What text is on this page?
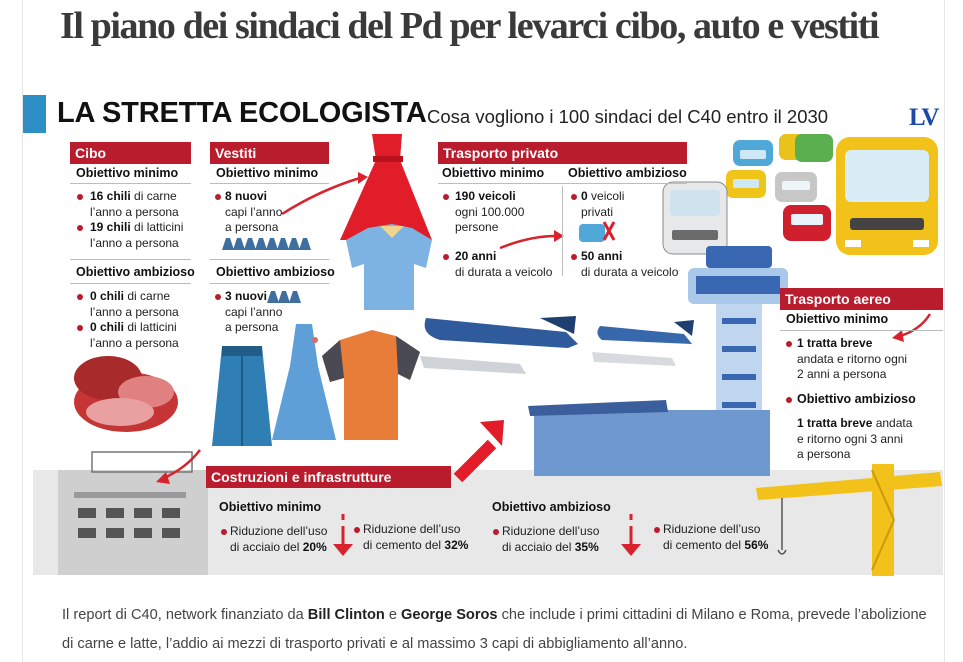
Il piano dei sindaci del Pd per levarci cibo, auto e vestiti
LA STRETTA ECOLOGISTA Cosa vogliono i 100 sindaci del C40 entro il 2030	LV
Cibo
Obiettivo minimo
16 chili di carne
l’anno a persona
19 chili di latticini
l’anno a persona
Obiettivo ambizioso
0 chili di carne
l’anno a persona
0 chili di latticini
l’anno a persona
Vestiti
Obiettivo minimo
8 nuovi
capi l’anno
a persona
Obiettivo ambizioso
3 nuovi
capi l’anno
a persona
Trasporto privato
Obiettivo minimo Obiettivo ambizioso
190 veicoli
ogni 100.000
persone
20 anni
di durata a veicolo
0 veicoli
privati
50 anni
di durata a veicolo
Trasporto aereo
Obiettivo minimo
1 tratta breve
andata e ritorno ogni
2 anni a persona
Obiettivo ambizioso
1 tratta breve andata
e ritorno ogni 3 anni
a persona
Costruzioni e infrastrutture
Obiettivo minimo	Obiettivo ambizioso
Riduzione dell’uso
di acciaio del 20%
Riduzione dell’uso
di cemento del 32%
Riduzione dell’uso
di acciaio del 35%
Riduzione dell’uso
di cemento del 56%

Il report di C40, network finanziato da Bill Clinton e George Soros che include i primi cittadini di Milano e Roma, prevede l’abolizione di carne e latte, l’addio ai mezzi di trasporto privati e al massimo 3 capi di abbigliamento all’anno.
